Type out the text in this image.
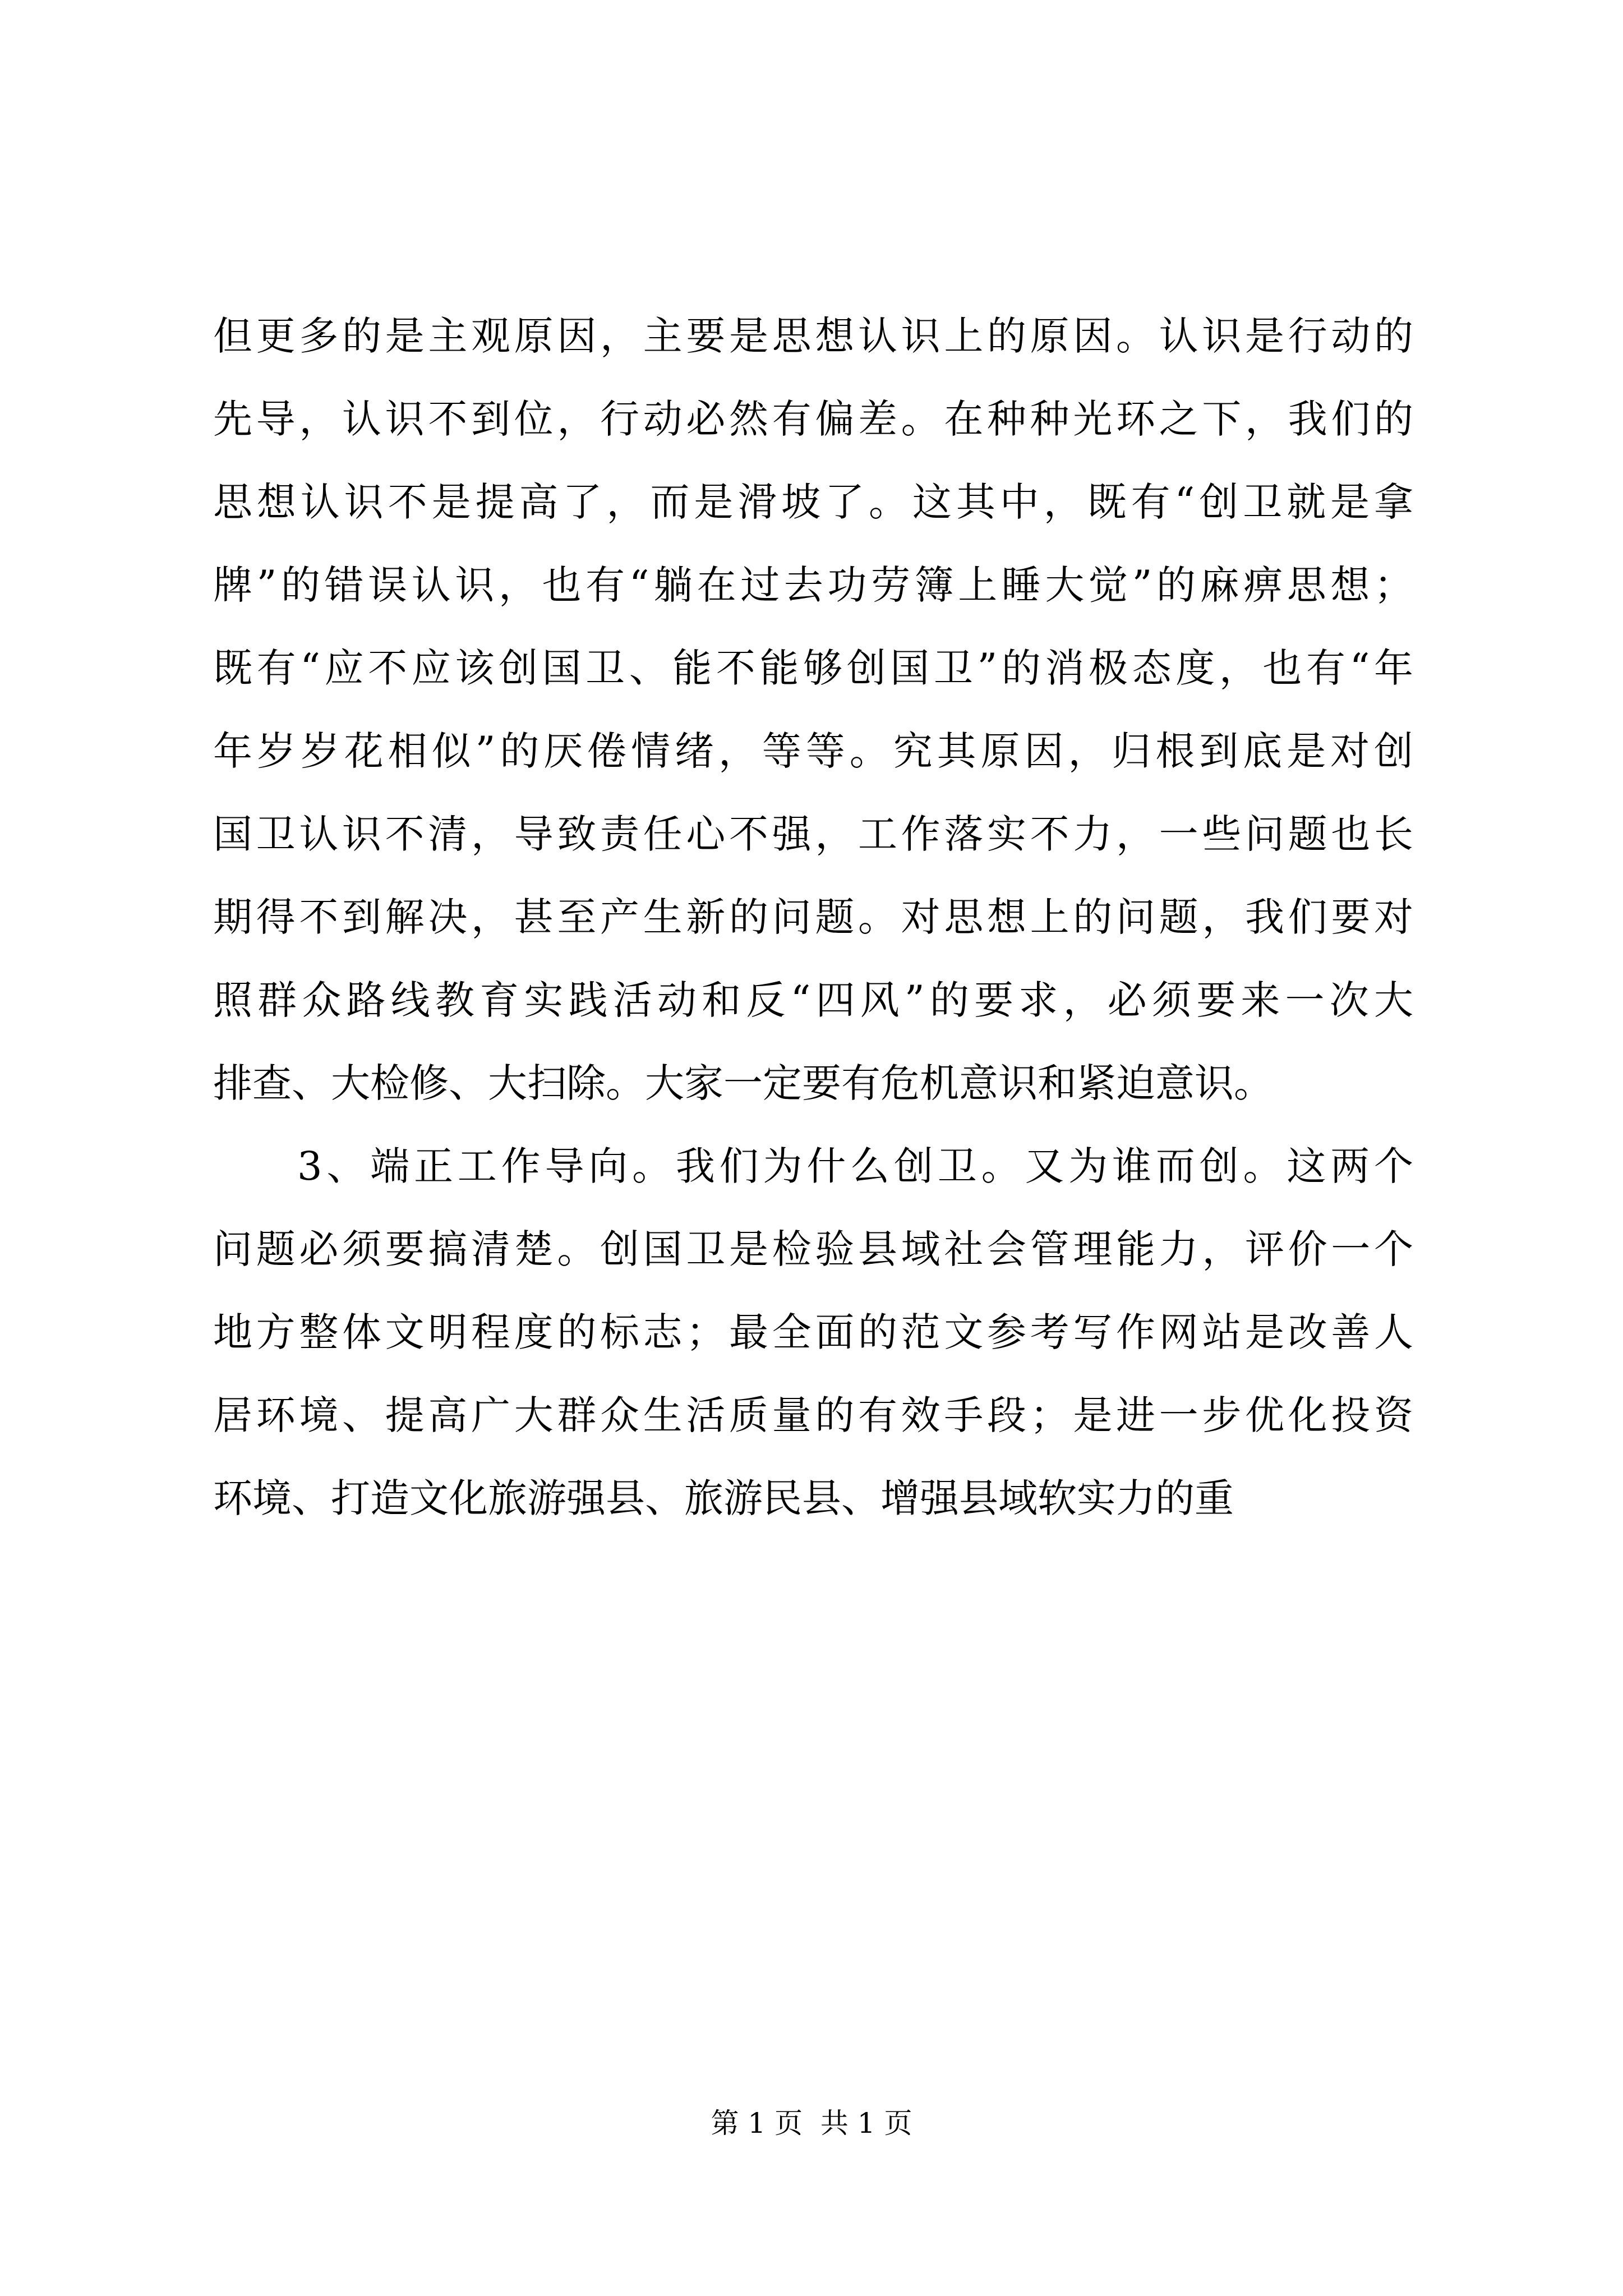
但更多的是主观原因，主要是思想认识上的原因。认识是行动的
先导，认识不到位，行动必然有偏差。在种种光环之下，我们的
思想认识不是提高了，而是滑坡了。这其中，既有“创卫就是拿
牌”的错误认识，也有“躺在过去功劳簿上睡大觉”的麻痹思想；
既有“应不应该创国卫、能不能够创国卫”的消极态度，也有“年
年岁岁花相似”的厌倦情绪，等等。究其原因，归根到底是对创
国卫认识不清，导致责任心不强，工作落实不力，一些问题也长
期得不到解决，甚至产生新的问题。对思想上的问题，我们要对
照群众路线教育实践活动和反“四风”的要求，必须要来一次大
排查、大检修、大扫除。大家一定要有危机意识和紧迫意识。
3、端正工作导向。我们为什么创卫。又为谁而创。这两个
问题必须要搞清楚。创国卫是检验县域社会管理能力，评价一个
地方整体文明程度的标志；最全面的范文参考写作网站是改善人
居环境、提高广大群众生活质量的有效手段；是进一步优化投资
环境、打造文化旅游强县、旅游民县、增强县域软实力的重
第 1 页  共 1 页
